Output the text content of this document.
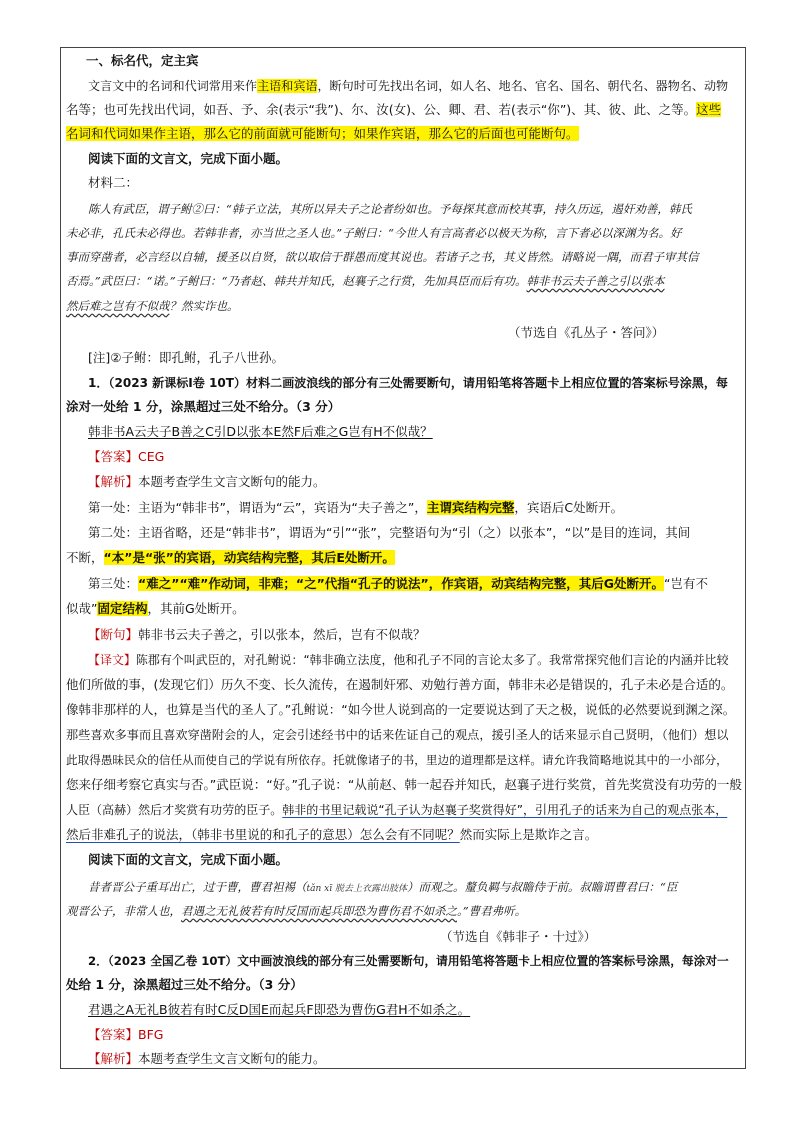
一、标名代，定主宾
文言文中的名词和代词常用来作主语和宾语，断句时可先找出名词，如人名、地名、官名、国名、朝代名、器物名、动物
名等；也可先找出代词，如吾、予、余(表示“我”)、尔、汝(女)、公、卿、君、若(表示“你”)、其、彼、此、之等。这些
名词和代词如果作主语，那么它的前面就可能断句；如果作宾语，那么它的后面也可能断句。
阅读下面的文言文，完成下面小题。
材料二：
陈人有武臣，谓子鲋②曰：“韩子立法，其所以异夫子之论者纷如也。予每探其意而校其事，持久历远，遏奸劝善，韩氏
未必非，孔氏未必得也。若韩非者，亦当世之圣人也。”子鲋曰：“今世人有言高者必以极天为称，言下者必以深渊为名。好
事而穿凿者，必言经以自辅，援圣以自贤，欲以取信于群愚而度其说也。若诸子之书，其义皆然。请略说一隅，而君子审其信
否焉。”武臣曰：“诺。”子鲋曰：“乃者赵、韩共并知氏，赵襄子之行赏，先加具臣而后有功。韩非书云夫子善之引以张本
然后难之岂有不似哉？然实诈也。
（节选自《孔丛子・答问》）
[注]②子鲋：即孔鲋，孔子八世孙。
1．（2023 新课标Ⅰ卷 10T）材料二画波浪线的部分有三处需要断句，请用铅笔将答题卡上相应位置的答案标号涂黑，每
涂对一处给 1 分，涂黑超过三处不给分。（3 分）
韩非书A云夫子B善之C引D以张本E然F后难之G岂有H不似哉？
【答案】CEG
【解析】本题考查学生文言文断句的能力。
第一处：主语为“韩非书”，谓语为“云”，宾语为“夫子善之”，主谓宾结构完整，宾语后C处断开。
第二处：主语省略，还是“韩非书”，谓语为“引”“张”，完整语句为“引（之）以张本”，“以”是目的连词，其间
不断，“本”是“张”的宾语，动宾结构完整，其后E处断开。
第三处：“难之”“难”作动词，非难；“之”代指“孔子的说法”，作宾语，动宾结构完整，其后G处断开。“岂有不
似哉”固定结构，其前G处断开。
【断句】韩非书云夫子善之，引以张本，然后，岂有不似哉？
【译文】陈郡有个叫武臣的，对孔鲋说：“韩非确立法度，他和孔子不同的言论太多了。我常常探究他们言论的内涵并比较
他们所做的事，(发现它们）历久不变、长久流传，在遏制奸邪、劝勉行善方面，韩非未必是错误的，孔子未必是合适的。
像韩非那样的人，也算是当代的圣人了。”孔鲋说：“如今世人说到高的一定要说达到了天之极，说低的必然要说到渊之深。
那些喜欢多事而且喜欢穿凿附会的人，定会引述经书中的话来佐证自己的观点，援引圣人的话来显示自己贤明，（他们）想以
此取得愚昧民众的信任从而使自己的学说有所依存。托就像诸子的书，里边的道理都是这样。请允许我简略地说其中的一小部分，
您来仔细考察它真实与否。”武臣说：“好。”孔子说：“从前赵、韩一起吞并知氏，赵襄子进行奖赏，首先奖赏没有功劳的一般
人臣（高赫）然后才奖赏有功劳的臣子。韩非的书里记载说“孔子认为赵襄子奖赏得好”，引用孔子的话来为自己的观点张本，
然后非难孔子的说法，（韩非书里说的和孔子的意思）怎么会有不同呢？然而实际上是欺诈之言。
阅读下面的文言文，完成下面小题。
昔者晋公子重耳出亡，过于曹，曹君袒裼（tǎn xī 脱去上衣露出肢体）而观之。釐负羁与叔瞻侍于前。叔瞻谓曹君曰：“臣
观晋公子，非常人也，君遇之无礼彼若有时反国而起兵即恐为曹伤君不如杀之。”曹君弗听。
（节选自《韩非子・十过》）
2．（2023 全国乙卷 10T）文中画波浪线的部分有三处需要断句，请用铅笔将答题卡上相应位置的答案标号涂黑，每涂对一
处给 1 分，涂黑超过三处不给分。（3 分）
君遇之A无礼B彼若有时C反D国E而起兵F即恐为曹伤G君H不如杀之。
【答案】BFG
【解析】本题考查学生文言文断句的能力。
